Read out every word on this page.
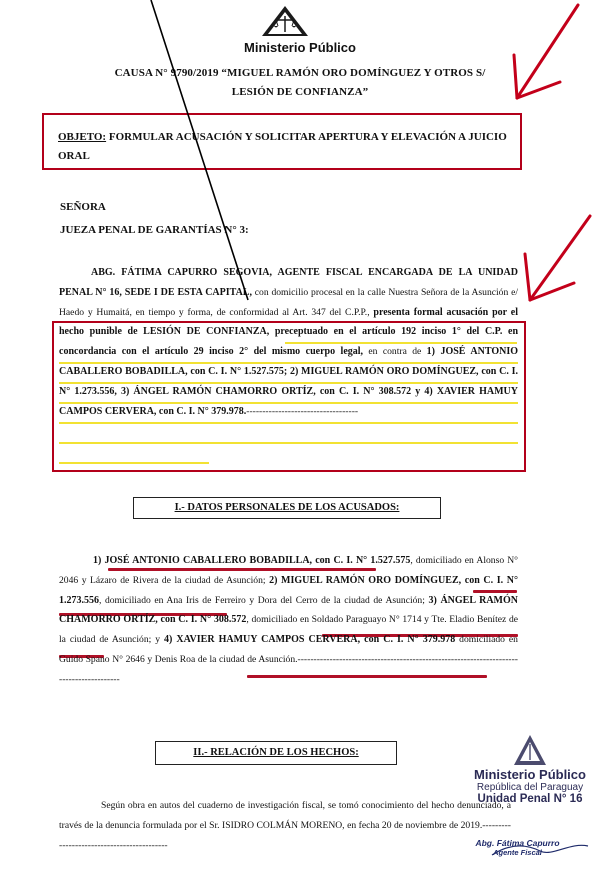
Ministerio Público
CAUSA N° 9790/2019 “MIGUEL RAMÓN ORO DOMÍNGUEZ Y OTROS S/
LESIÓN DE CONFIANZA”
OBJETO: FORMULAR ACUSACIÓN Y SOLICITAR APERTURA Y ELEVACIÓN A JUICIO ORAL
SEÑORA
JUEZA PENAL DE GARANTÍAS N° 3:
ABG. FÁTIMA CAPURRO SEGOVIA, AGENTE FISCAL ENCARGADA DE LA UNIDAD PENAL N° 16, SEDE I DE ESTA CAPITAL, con domicilio procesal en la calle Nuestra Señora de la Asunción e/ Haedo y Humaitá, en tiempo y forma, de conformidad al Art. 347 del C.P.P., presenta formal acusación por el hecho punible de LESIÓN DE CONFIANZA, preceptuado en el artículo 192 inciso 1° del C.P. en concordancia con el artículo 29 inciso 2° del mismo cuerpo legal, en contra de 1) JOSÉ ANTONIO CABALLERO BOBADILLA, con C. I. N° 1.527.575; 2) MIGUEL RAMÓN ORO DOMÍNGUEZ, con C. I. N° 1.273.556, 3) ÁNGEL RAMÓN CHAMORRO ORTÍZ, con C. I. N° 308.572 y 4) XAVIER HAMUY CAMPOS CERVERA, con C. I. N° 379.978.-----------------------------------
I.- DATOS PERSONALES DE LOS ACUSADOS:
1) JOSÉ ANTONIO CABALLERO BOBADILLA, con C. I. N° 1.527.575, domiciliado en Alonso N° 2046 y Lázaro de Rivera de la ciudad de Asunción; 2) MIGUEL RAMÓN ORO DOMÍNGUEZ, con C. I. N° 1.273.556, domiciliado en Ana Iris de Ferreiro y Dora del Cerro de la ciudad de Asunción; 3) ÁNGEL RAMÓN CHAMORRO ORTÍZ, con C. I. N° 308.572, domiciliado en Soldado Paraguayo N° 1714 y Tte. Eladio Benítez de la ciudad de Asunción; y 4) XAVIER HAMUY CAMPOS CERVERA, con C. I. N° 379.978 domiciliado en Guido Spano N° 2646 y Denis Roa de la ciudad de Asunción.----------------------------------------------------------------------------------------
II.- RELACIÓN DE LOS HECHOS:
Según obra en autos del cuaderno de investigación fiscal, se tomó conocimiento del hecho denunciado, a través de la denuncia formulada por el Sr. ISIDRO COLMÁN MORENO, en fecha 20 de noviembre de 2019.-------------------------------------------
Ministerio Público
República del Paraguay
Unidad Penal N° 16
Abg. Fátima Capurro
Agente Fiscal
